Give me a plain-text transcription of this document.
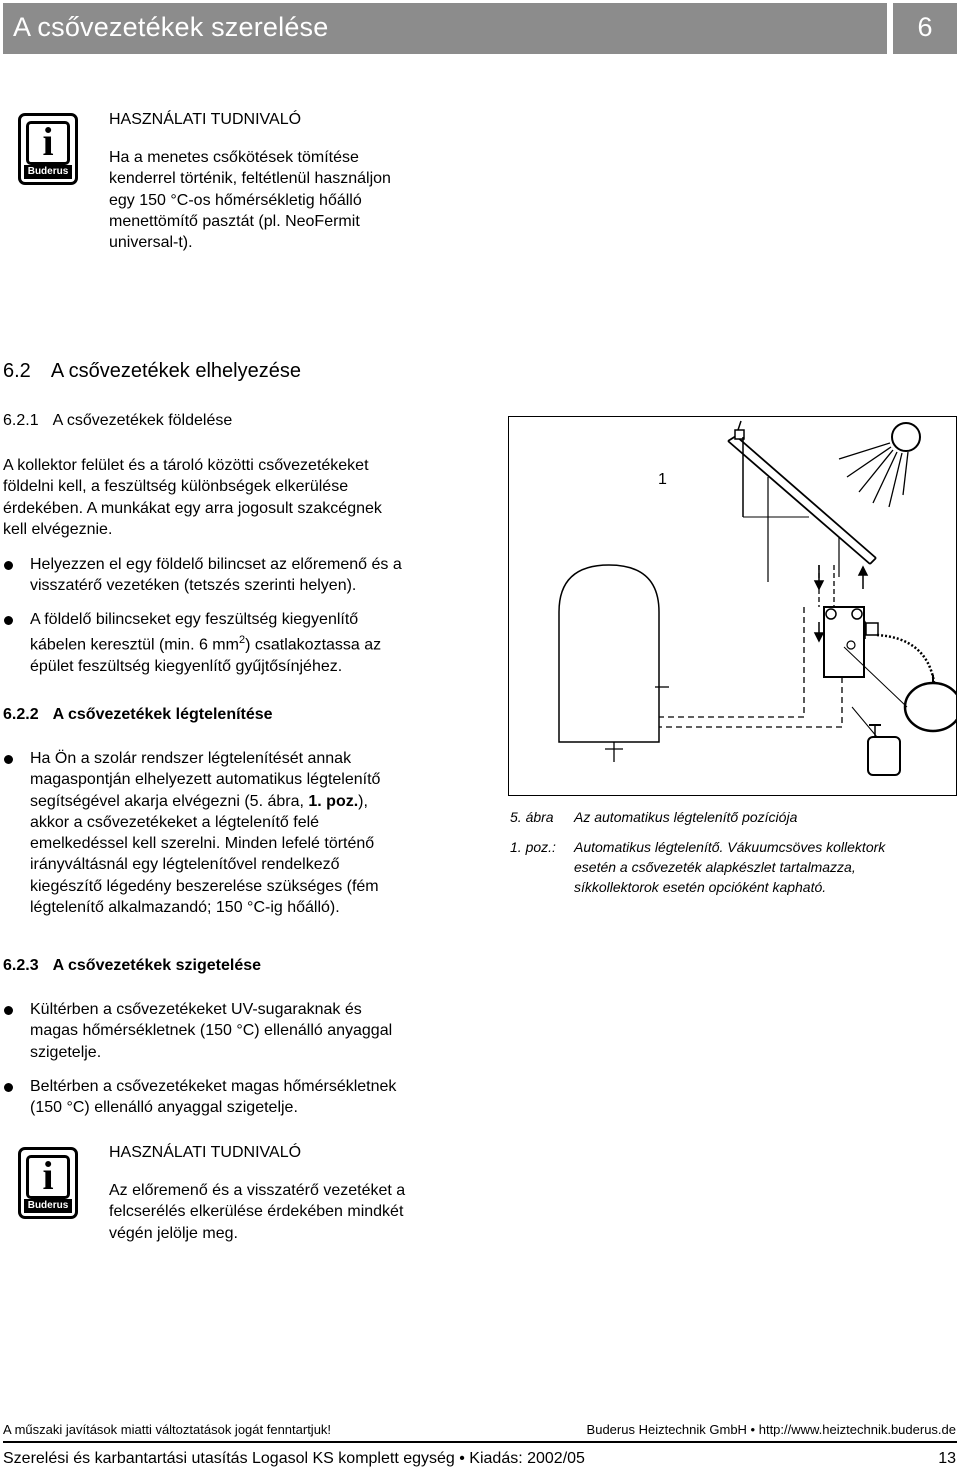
A csővezetékek szerelése	6
i
Buderus
HASZNÁLATI TUDNIVALÓ
Ha a menetes csőkötések tömítése
kenderrel történik, feltétlenül használjon
egy 150 °C-os hőmérsékletig hőálló
menettömítő pasztát (pl. NeoFermit
universal-t).
6.2 A csővezetékek elhelyezése
6.2.1 A csővezetékek földelése
A kollektor felület és a tároló közötti csővezetékeket
földelni kell, a feszültség különbségek elkerülése
érdekében. A munkákat egy arra jogosult szakcégnek
kell elvégeznie.
Helyezzen el egy földelő bilincset az előremenő és a
visszatérő vezetéken (tetszés szerinti helyen).
A földelő bilincseket egy feszültség kiegyenlítő
kábelen keresztül (min. 6 $mm^2$) csatlakoztassa az
épület feszültség kiegyenlítő gyűjtősínjéhez.
6.2.2 A csővezetékek légtelenítése
Ha Ön a szolár rendszer légtelenítését annak
magaspontján elhelyezett automatikus légtelenítő
segítségével akarja elvégezni (5. ábra, 1. poz.),
akkor a csővezetékeket a légtelenítő felé
emelkedéssel kell szerelni. Minden lefelé történő
irányváltásnál egy légtelenítővel rendelkező
kiegészítő légedény beszerelése szükséges (fém
légtelenítő alkalmazandó; 150 °C-ig hőálló).
1
5. ábra Az automatikus légtelenítő pozíciója
1. poz.:	Automatikus légtelenítő. Vákuumcsöves kollektork
esetén a csővezeték alapkészlet tartalmazza,
síkkollektorok esetén opcióként kapható.
6.2.3 A csővezetékek szigetelése
Kültérben a csővezetékeket UV-sugaraknak és
magas hőmérsékletnek (150 °C) ellenálló anyaggal
szigetelje.
Beltérben a csővezetékeket magas hőmérsékletnek
(150 °C) ellenálló anyaggal szigetelje.
i
Buderus
HASZNÁLATI TUDNIVALÓ
Az előremenő és a visszatérő vezetéket a
felcserélés elkerülése érdekében mindkét
végén jelölje meg.
A műszaki javítások miatti változtatások jogát fenntartjuk!	Buderus Heiztechnik GmbH • http://www.heiztechnik.buderus.de
Szerelési és karbantartási utasítás Logasol KS komplett egység • Kiadás: 2002/05	13
